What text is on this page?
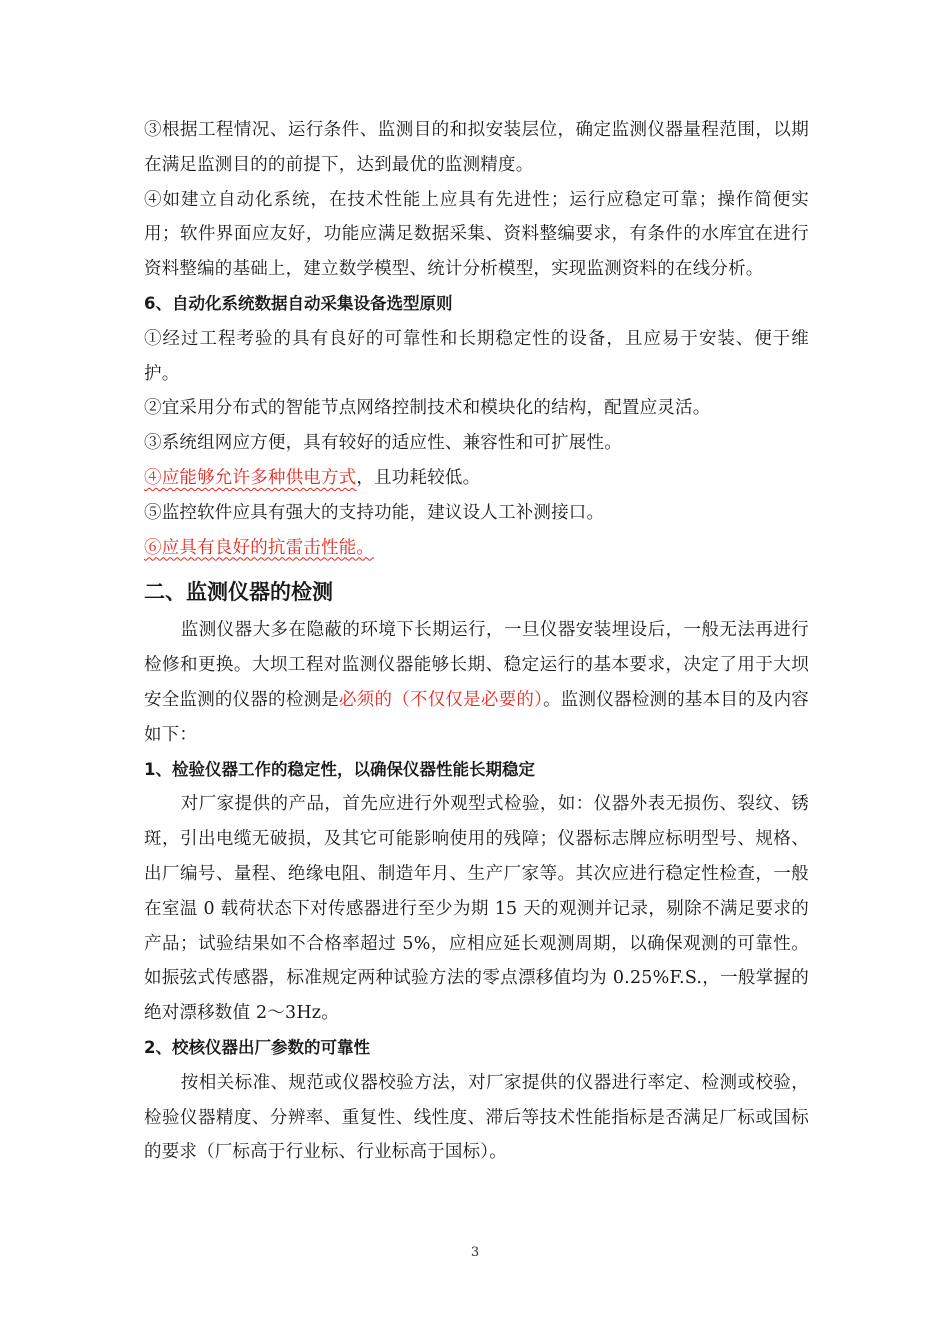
③根据工程情况、运行条件、监测目的和拟安装层位，确定监测仪器量程范围，以期在满足监测目的的前提下，达到最优的监测精度。

④如建立自动化系统，在技术性能上应具有先进性；运行应稳定可靠；操作简便实用；软件界面应友好，功能应满足数据采集、资料整编要求，有条件的水库宜在进行资料整编的基础上，建立数学模型、统计分析模型，实现监测资料的在线分析。

6、自动化系统数据自动采集设备选型原则

①经过工程考验的具有良好的可靠性和长期稳定性的设备，且应易于安装、便于维护。

②宜采用分布式的智能节点网络控制技术和模块化的结构，配置应灵活。

③系统组网应方便，具有较好的适应性、兼容性和可扩展性。

④应能够允许多种供电方式，且功耗较低。

⑤监控软件应具有强大的支持功能，建议设人工补测接口。

⑥应具有良好的抗雷击性能。

二、监测仪器的检测

监测仪器大多在隐蔽的环境下长期运行，一旦仪器安装埋设后，一般无法再进行检修和更换。大坝工程对监测仪器能够长期、稳定运行的基本要求，决定了用于大坝安全监测的仪器的检测是必须的（不仅仅是必要的）。监测仪器检测的基本目的及内容如下：

1、检验仪器工作的稳定性，以确保仪器性能长期稳定

对厂家提供的产品，首先应进行外观型式检验，如：仪器外表无损伤、裂纹、锈斑，引出电缆无破损，及其它可能影响使用的残障；仪器标志牌应标明型号、规格、出厂编号、量程、绝缘电阻、制造年月、生产厂家等。其次应进行稳定性检查，一般在室温 0 载荷状态下对传感器进行至少为期 15 天的观测并记录，剔除不满足要求的产品；试验结果如不合格率超过 5%，应相应延长观测周期，以确保观测的可靠性。如振弦式传感器，标准规定两种试验方法的零点漂移值均为 0.25%F.S.，一般掌握的绝对漂移数值 2～3Hz。

2、校核仪器出厂参数的可靠性

按相关标准、规范或仪器校验方法，对厂家提供的仪器进行率定、检测或校验，检验仪器精度、分辨率、重复性、线性度、滞后等技术性能指标是否满足厂标或国标的要求（厂标高于行业标、行业标高于国标）。

3
